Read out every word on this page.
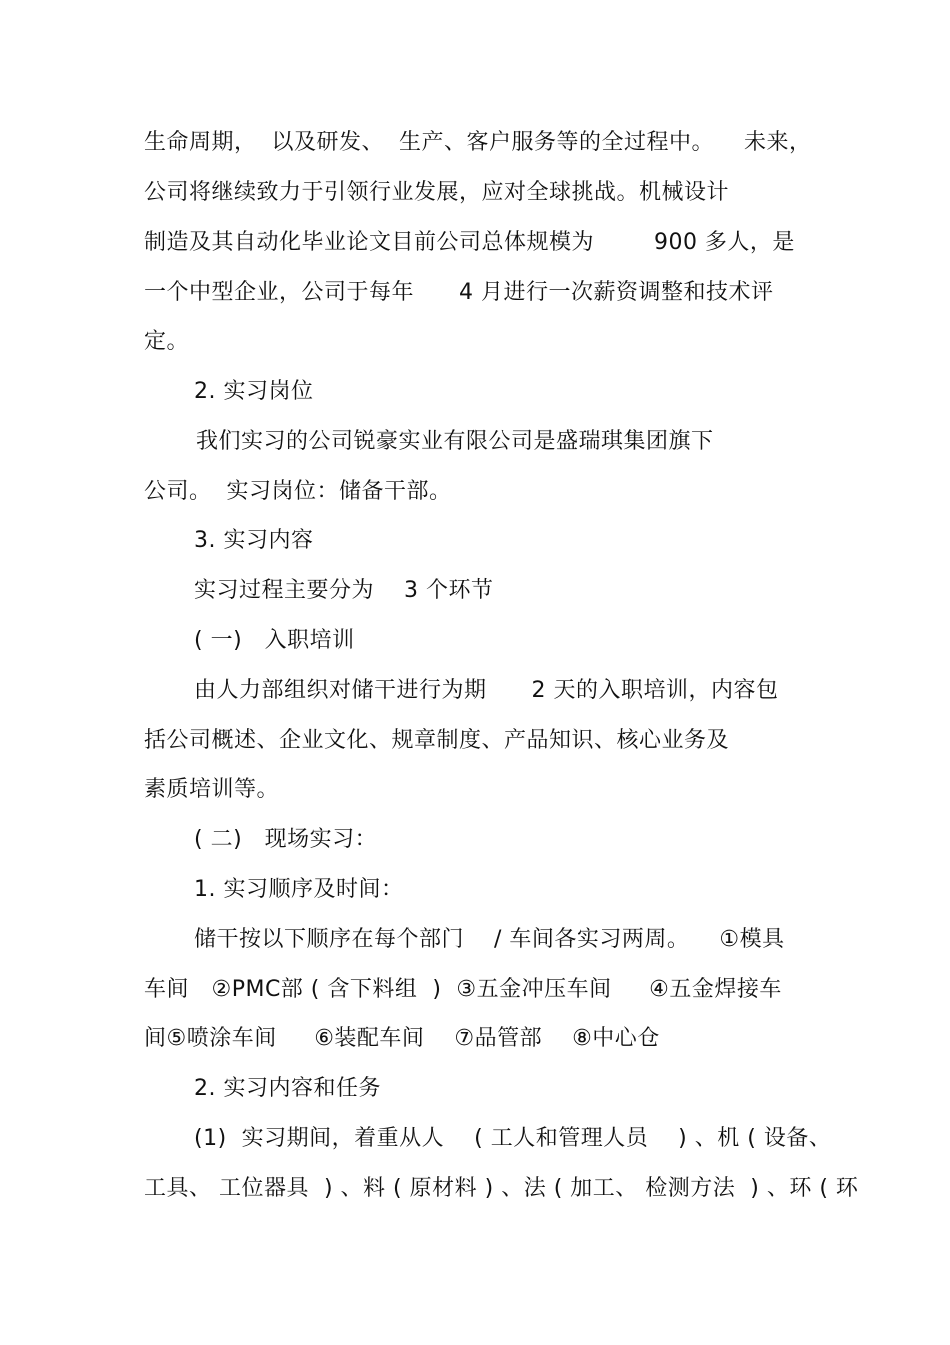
生命周期，  以及研发、  生产、客户服务等的全过程中。    未来，
公司将继续致力于引领行业发展，应对全球挑战。机械设计
制造及其自动化毕业论文目前公司总体规模为        900 多人，是
一个中型企业，公司于每年      4 月进行一次薪资调整和技术评
定。
2. 实习岗位
我们实习的公司锐豪实业有限公司是盛瑞琪集团旗下
公司。  实习岗位：储备干部。
3. 实习内容
实习过程主要分为    3 个环节
( 一)   入职培训
由人力部组织对储干进行为期      2 天的入职培训，内容包
括公司概述、企业文化、规章制度、产品知识、核心业务及
素质培训等。
( 二)   现场实习：
1. 实习顺序及时间：
储干按以下顺序在每个部门    / 车间各实习两周。    ①模具
车间   ②PMC部 ( 含下料组  )  ③五金冲压车间     ④五金焊接车
间⑤喷涂车间     ⑥装配车间    ⑦品管部    ⑧中心仓
2. 实习内容和任务
(1)  实习期间，着重从人    ( 工人和管理人员    ) 、机 ( 设备、
工具、 工位器具  ) 、料 ( 原材料 ) 、法 ( 加工、 检测方法  ) 、环 ( 环
